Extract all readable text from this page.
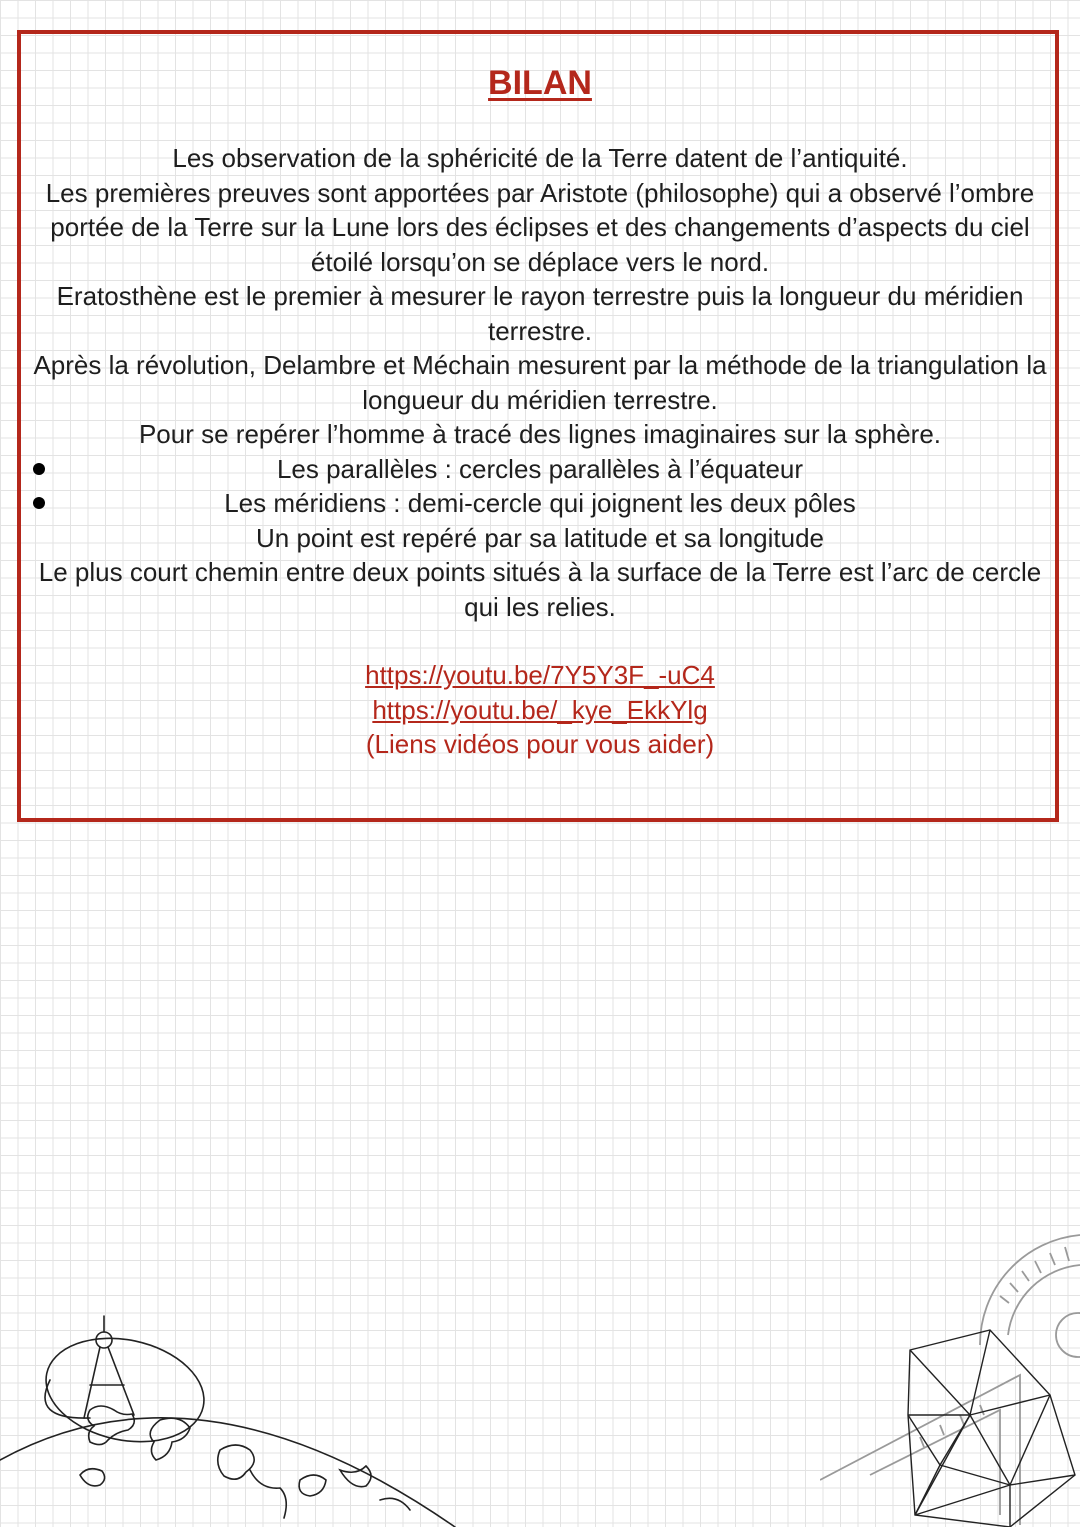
BILAN

Les observation de la sphéricité de la Terre datent de l’antiquité.

Les premières preuves sont apportées par Aristote (philosophe) qui a observé l’ombre portée de la Terre sur la Lune lors des éclipses et des changements d’aspects du ciel étoilé lorsqu’on se déplace vers le nord.

Eratosthène est le premier à mesurer le rayon terrestre puis la longueur du méridien terrestre.

Après la révolution, Delambre et Méchain mesurent par la méthode de la triangulation la longueur du méridien terrestre.

Pour se repérer l’homme à tracé des lignes imaginaires sur la sphère.

Les parallèles : cercles parallèles à l’équateur

Les méridiens : demi-cercle qui joignent les deux pôles

Un point est repéré par sa latitude et sa longitude

Le plus court chemin entre deux points situés à la surface de la Terre est l’arc de cercle qui les relies.

https://youtu.be/7Y5Y3F_-uC4
https://youtu.be/_kye_EkkYlg
(Liens vidéos pour vous aider)
